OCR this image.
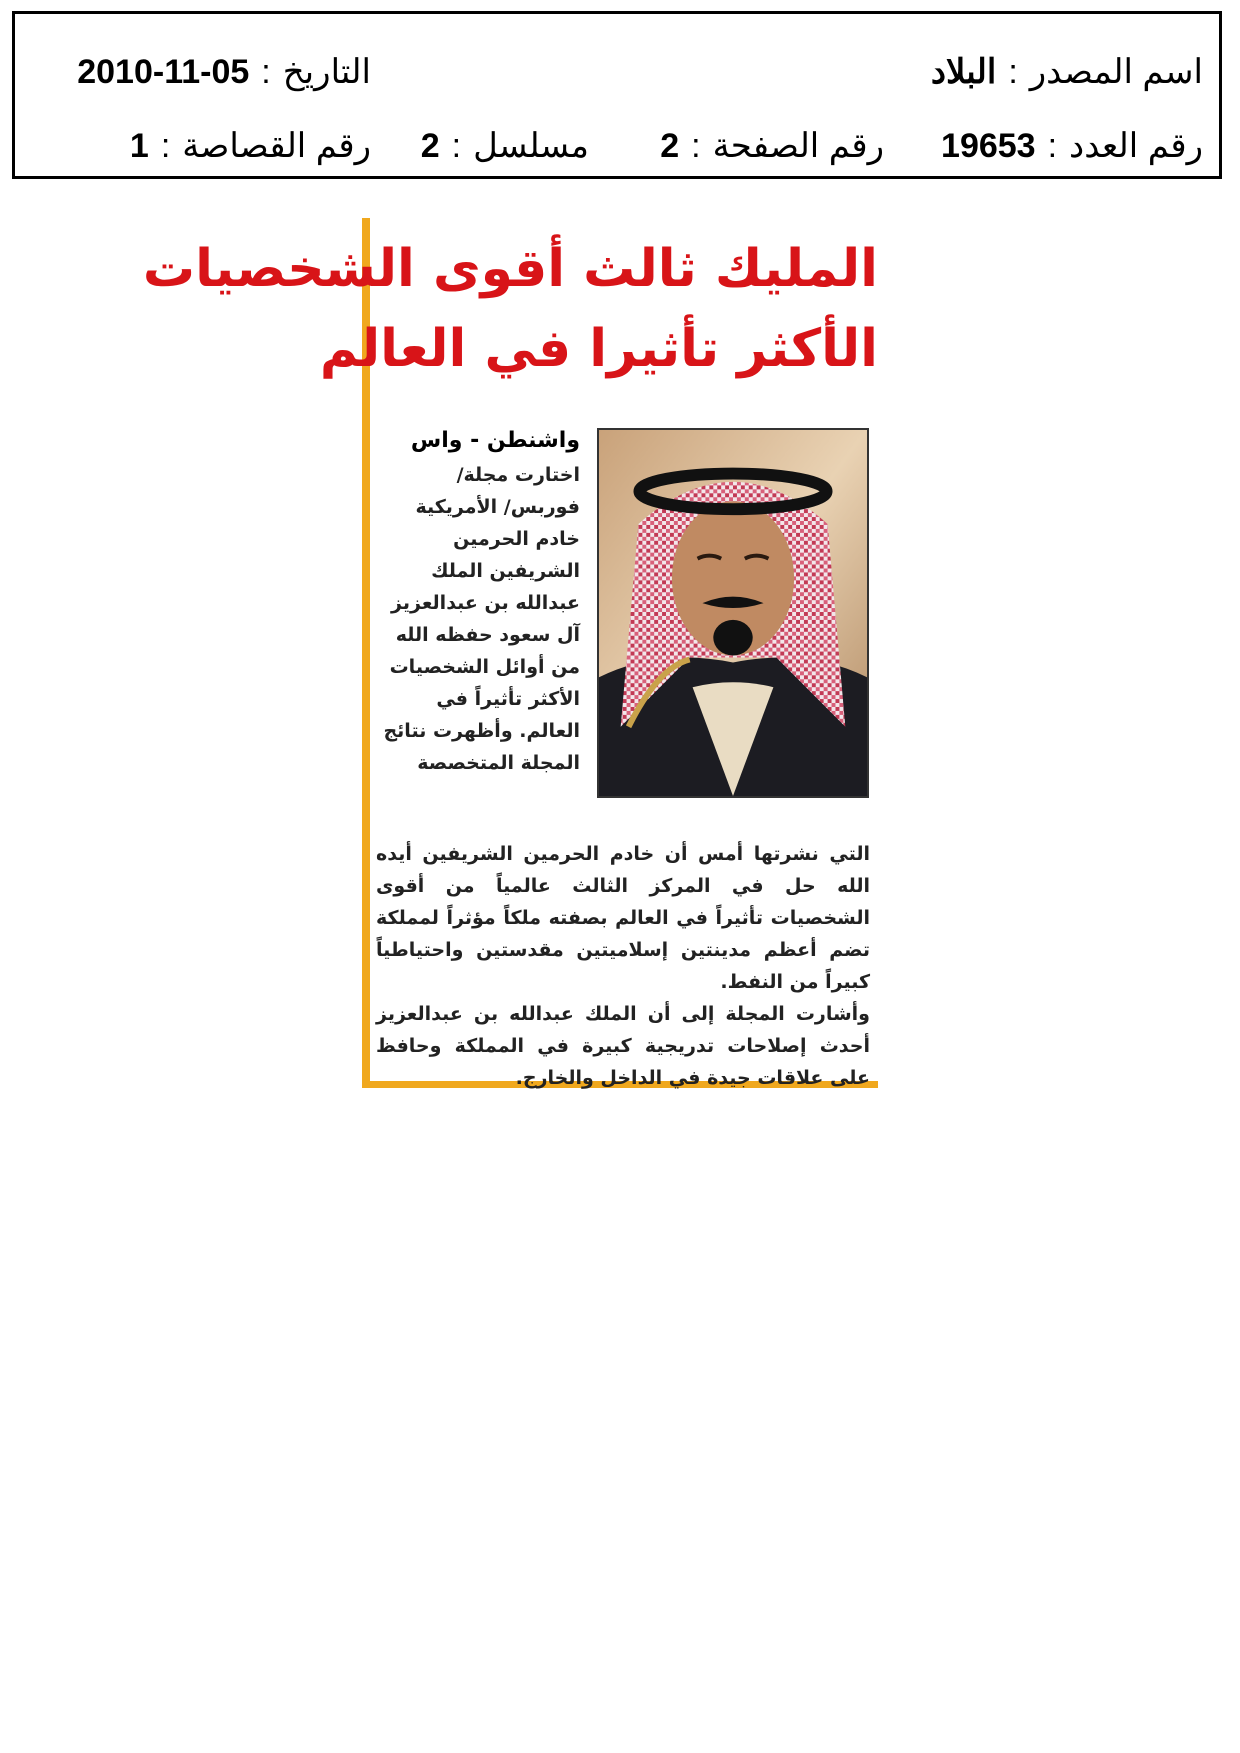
اسم المصدر:البلاد
التاريخ:2010-11-05
رقم العدد:19653
رقم الصفحة:2
مسلسل:2
رقم القصاصة:1
المليك ثالث أقوى الشخصيات
الأكثر تأثيرا في العالم

واشنطن - واس

اختارت مجلة/ فوربس/ الأمريكية خادم الحرمين الشريفين الملك عبدالله بن عبدالعزيز آل سعود حفظه الله من أوائل الشخصيات الأكثر تأثيراً في العالم. وأظهرت نتائج المجلة المتخصصة

التي نشرتها أمس أن خادم الحرمين الشريفين أيده الله حل في المركز الثالث عالمياً من أقوى الشخصيات تأثيراً في العالم بصفته ملكاً مؤثراً لمملكة تضم أعظم مدينتين إسلاميتين مقدستين واحتياطياً كبيراً من النفط.

وأشارت المجلة إلى أن الملك عبدالله بن عبدالعزيز أحدث إصلاحات تدريجية كبيرة في المملكة وحافظ على علاقات جيدة في الداخل والخارج.
